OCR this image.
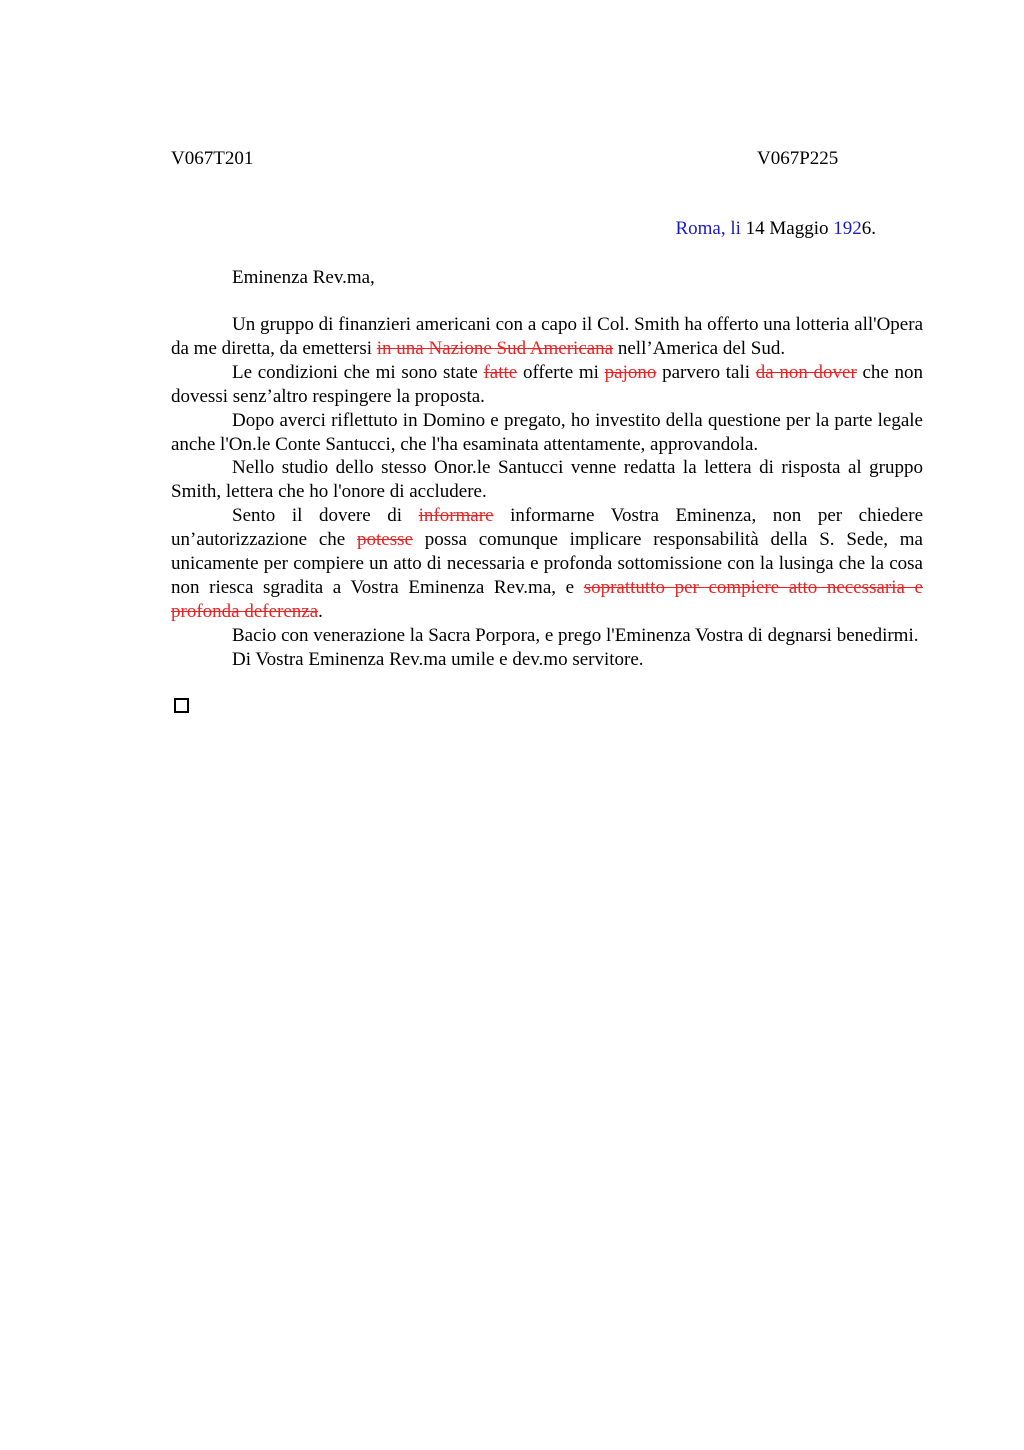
V067T201	V067P225
Roma, li 14 Maggio 1926.
Eminenza Rev.ma,

Un gruppo di finanzieri americani con a capo il Col. Smith ha offerto una lotteria all'Opera da me diretta, da emettersi in una Nazione Sud Americana nell’America del Sud.

Le condizioni che mi sono state fatte offerte mi pajono parvero tali da non dover che non dovessi senz’altro respingere la proposta.

Dopo averci riflettuto in Domino e pregato, ho investito della questione per la parte legale anche l'On.le Conte Santucci, che l'ha esaminata attentamente, approvandola.

Nello studio dello stesso Onor.le Santucci venne redatta la lettera di risposta al gruppo Smith, lettera che ho l'onore di accludere.

Sento il dovere di informare informarne Vostra Eminenza, non per chiedere un’autorizzazione che potesse possa comunque implicare responsabilità della S. Sede, ma unicamente per compiere un atto di necessaria e profonda sottomissione con la lusinga che la cosa non riesca sgradita a Vostra Eminenza Rev.ma, e soprattutto per compiere atto necessaria e profonda deferenza.

Bacio con venerazione la Sacra Porpora, e prego l'Eminenza Vostra di degnarsi benedirmi.

Di Vostra Eminenza Rev.ma umile e dev.mo servitore.
